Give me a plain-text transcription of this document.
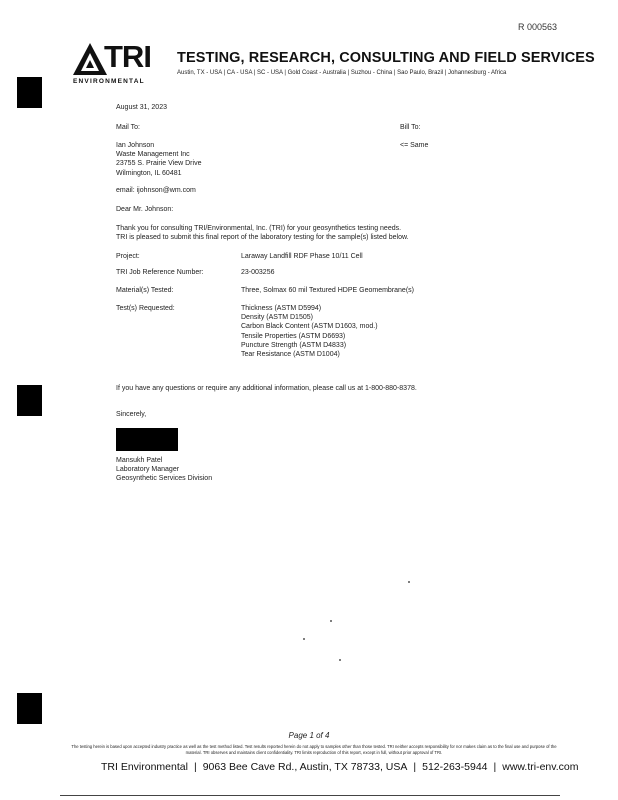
R 000563
TRI
ENVIRONMENTAL
TESTING, RESEARCH, CONSULTING AND FIELD SERVICES
Austin, TX - USA | CA - USA | SC - USA | Gold Coast - Australia | Suzhou - China | Sao Paulo, Brazil | Johannesburg - Africa
August 31, 2023
Mail To:	Bill To:
<= Same
Ian Johnson
Waste Management Inc
23755 S. Prairie View Drive
Wilmington, IL 60481
email: ijohnson@wm.com
Dear Mr. Johnson:
Thank you for consulting TRI/Environmental, Inc. (TRI) for your geosynthetics testing needs.
TRI is pleased to submit this final report of the laboratory testing for the sample(s) listed below.
Project:	Laraway Landfill RDF Phase 10/11 Cell
TRI Job Reference Number:	23-003256
Material(s) Tested:	Three, Solmax 60 mil Textured HDPE Geomembrane(s)
Test(s) Requested:	Thickness (ASTM D5994)
Density (ASTM D1505)
Carbon Black Content (ASTM D1603, mod.)
Tensile Properties (ASTM D6693)
Puncture Strength (ASTM D4833)
Tear Resistance (ASTM D1004)
If you have any questions or require any additional information, please call us at 1-800-880-8378.
Sincerely,
Mansukh Patel
Laboratory Manager
Geosynthetic Services Division
Page 1 of 4
The testing herein is based upon accepted industry practice as well as the test method listed. Test results reported herein do not apply to samples other than those tested. TRI neither accepts responsibility for nor makes claim as to the final use and purpose of the material. TRI observes and maintains client confidentiality. TRI limits reproduction of this report, except in full, without prior approval of TRI.
TRI Environmental | 9063 Bee Cave Rd., Austin, TX 78733, USA | 512-263-5944 | www.tri-env.com
